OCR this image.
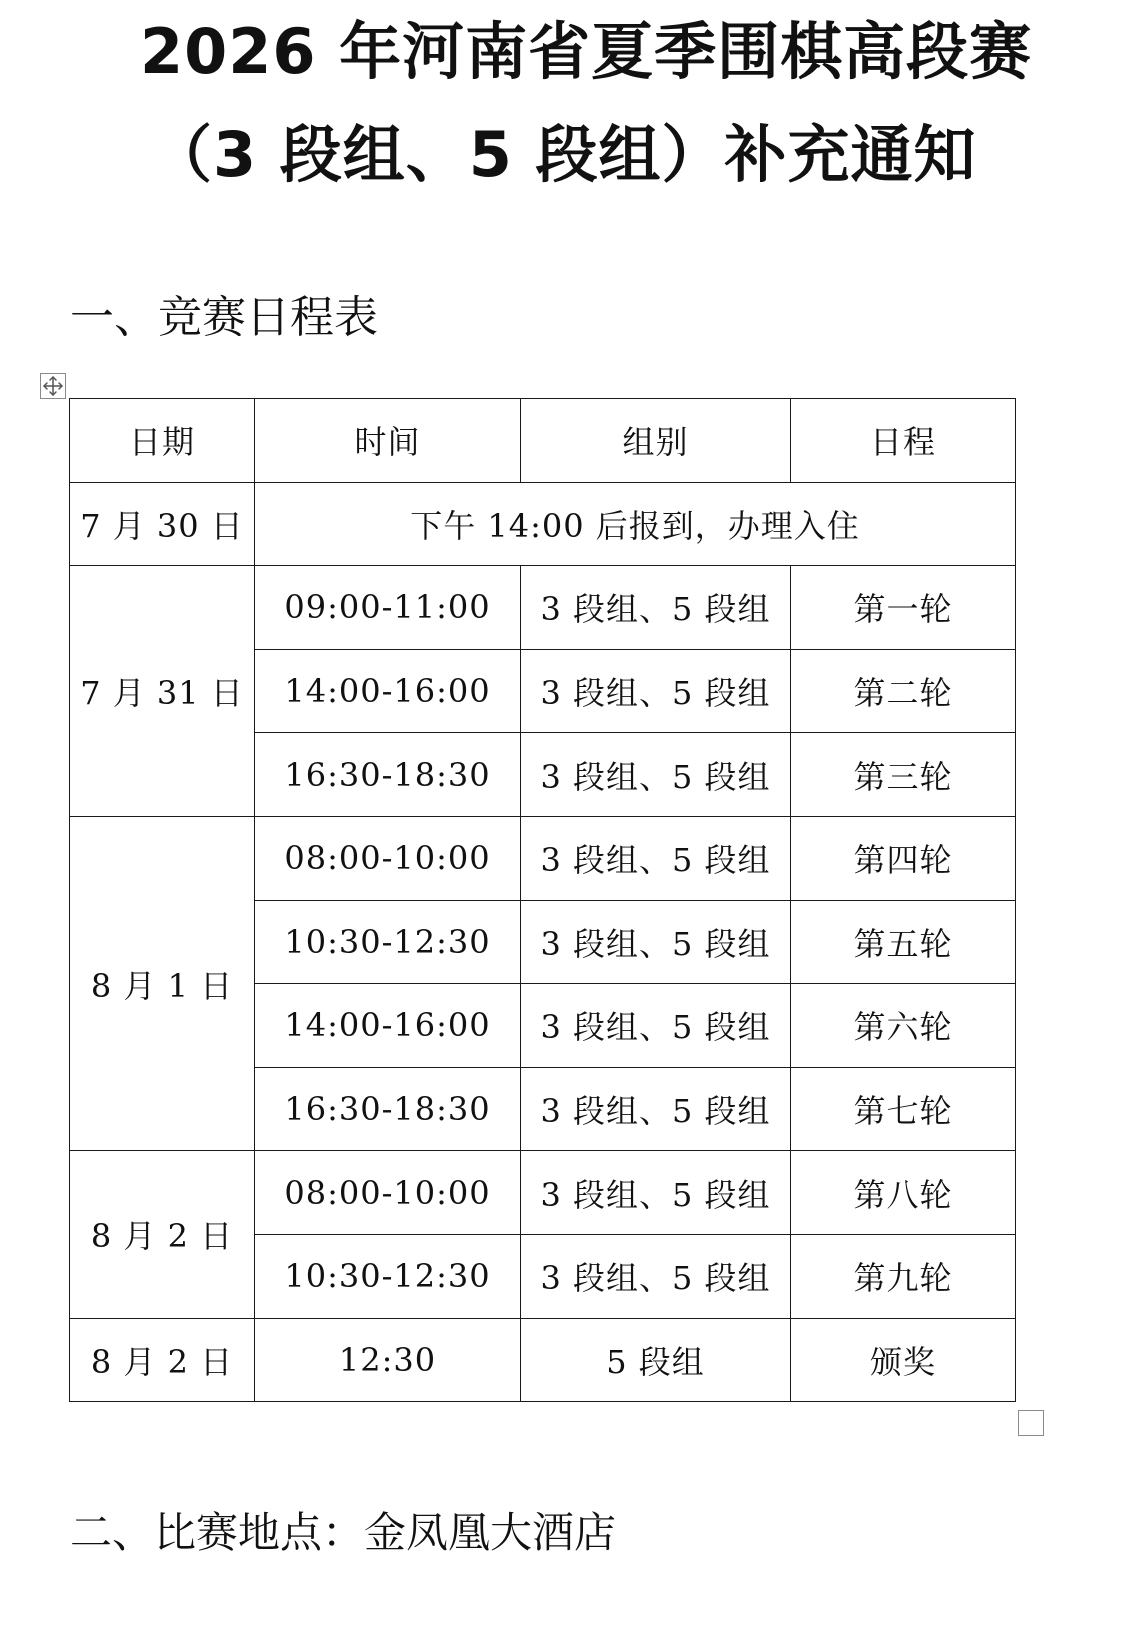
2026 年河南省夏季围棋高段赛
（3 段组、5 段组）补充通知
一、竞赛日程表
日期	时间	组别	日程
7 月 30 日	下午 14:00 后报到，办理入住		
7 月 31 日	09:00-11:00	3 段组、5 段组	第一轮
	14:00-16:00	3 段组、5 段组	第二轮
	16:30-18:30	3 段组、5 段组	第三轮
8 月 1 日	08:00-10:00	3 段组、5 段组	第四轮
	10:30-12:30	3 段组、5 段组	第五轮
	14:00-16:00	3 段组、5 段组	第六轮
	16:30-18:30	3 段组、5 段组	第七轮
8 月 2 日	08:00-10:00	3 段组、5 段组	第八轮
	10:30-12:30	3 段组、5 段组	第九轮
8 月 2 日	12:30	5 段组	颁奖
二、比赛地点：金凤凰大酒店
